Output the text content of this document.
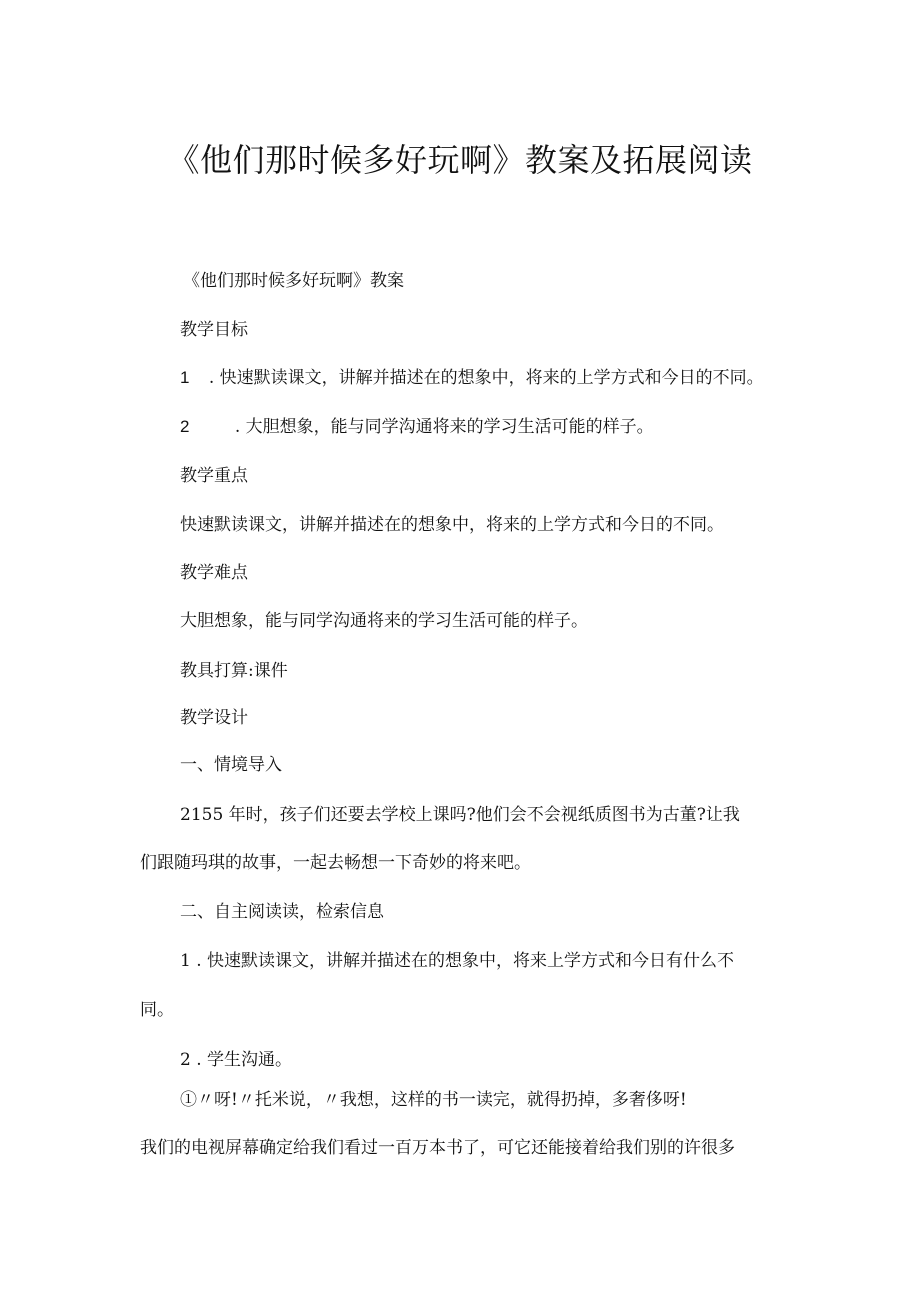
《他们那时候多好玩啊》教案及拓展阅读
《他们那时候多好玩啊》教案
教学目标
1 . 快速默读课文，讲解并描述在的想象中，将来的上学方式和今日的不同。
2	. 大胆想象，能与同学沟通将来的学习生活可能的样子。
教学重点
快速默读课文，讲解并描述在的想象中，将来的上学方式和今日的不同。
教学难点
大胆想象，能与同学沟通将来的学习生活可能的样子。
教具打算:课件
教学设计
一、情境导入
2155 年时，孩子们还要去学校上课吗?他们会不会视纸质图书为古董?让我
们跟随玛琪的故事，一起去畅想一下奇妙的将来吧。
二、自主阅读读，检索信息
1 . 快速默读课文，讲解并描述在的想象中，将来上学方式和今日有什么不
同。
2 . 学生沟通。
①〃呀!〃托米说，〃我想，这样的书一读完，就得扔掉，多奢侈呀!
我们的电视屏幕确定给我们看过一百万本书了，可它还能接着给我们别的许很多
